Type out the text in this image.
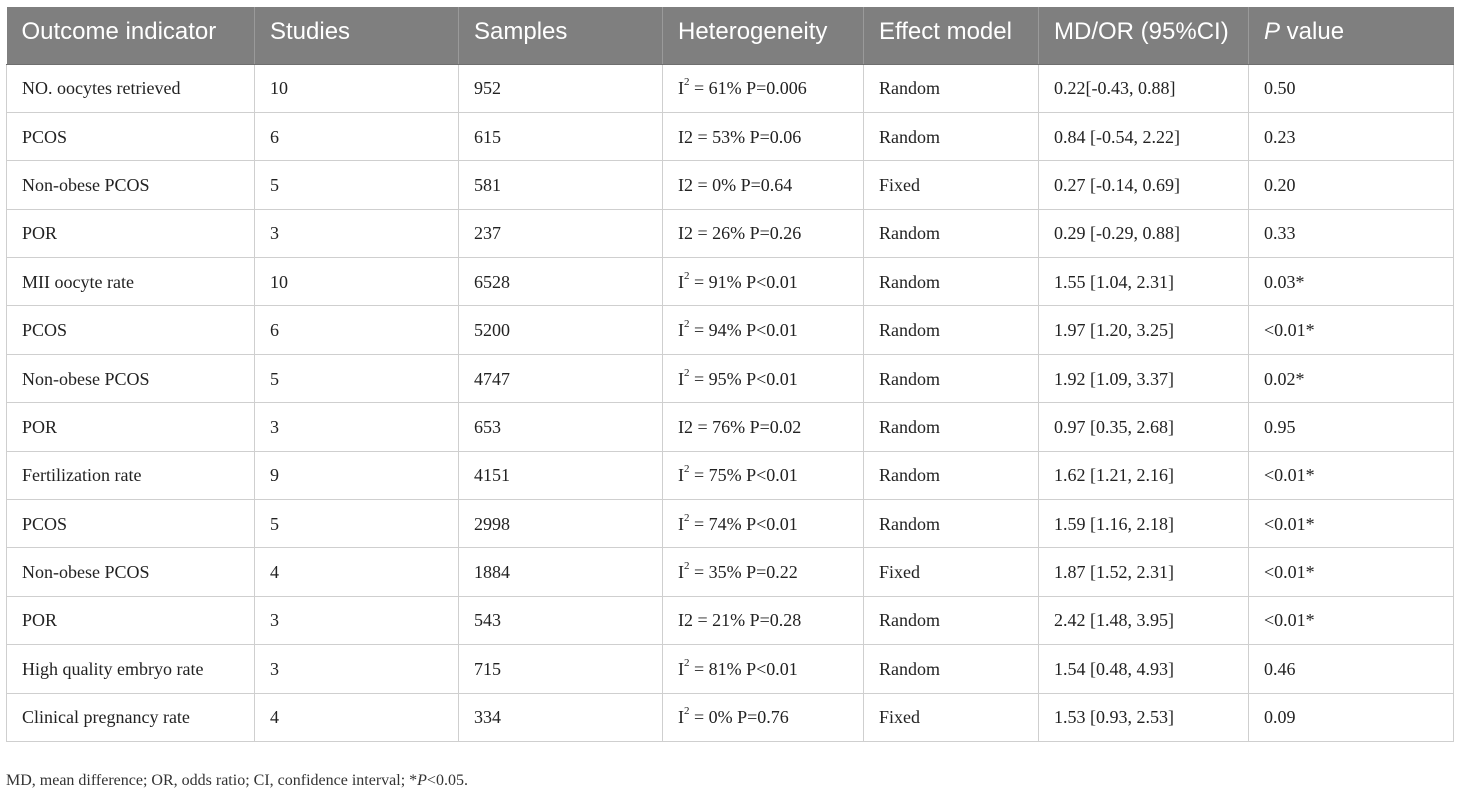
Outcome indicator	Studies	Samples	Heterogeneity	Effect model	MD/OR (95%CI)	P value
NO. oocytes retrieved	10	952	$I^2 = 61\%$ P=0.006	Random	0.22[-0.43, 0.88]	0.50
PCOS	6	615	I2 = 53% P=0.06	Random	0.84 [-0.54, 2.22]	0.23
Non-obese PCOS	5	581	I2 = 0% P=0.64	Fixed	0.27 [-0.14, 0.69]	0.20
POR	3	237	I2 = 26% P=0.26	Random	0.29 [-0.29, 0.88]	0.33
MII oocyte rate	10	6528	$I^2 = 91\%$ P<0.01	Random	1.55 [1.04, 2.31]	0.03*
PCOS	6	5200	$I^2 = 94\%$ P<0.01	Random	1.97 [1.20, 3.25]	<0.01*
Non-obese PCOS	5	4747	$I^2 = 95\%$ P<0.01	Random	1.92 [1.09, 3.37]	0.02*
POR	3	653	I2 = 76% P=0.02	Random	0.97 [0.35, 2.68]	0.95
Fertilization rate	9	4151	$I^2 = 75\%$ P<0.01	Random	1.62 [1.21, 2.16]	<0.01*
PCOS	5	2998	$I^2 = 74\%$ P<0.01	Random	1.59 [1.16, 2.18]	<0.01*
Non-obese PCOS	4	1884	$I^2 = 35\%$ P=0.22	Fixed	1.87 [1.52, 2.31]	<0.01*
POR	3	543	I2 = 21% P=0.28	Random	2.42 [1.48, 3.95]	<0.01*
High quality embryo rate	3	715	$I^2 = 81\%$ P<0.01	Random	1.54 [0.48, 4.93]	0.46
Clinical pregnancy rate	4	334	$I^2 = 0\%$ P=0.76	Fixed	1.53 [0.93, 2.53]	0.09
MD, mean difference; OR, odds ratio; CI, confidence interval; *P<0.05.
